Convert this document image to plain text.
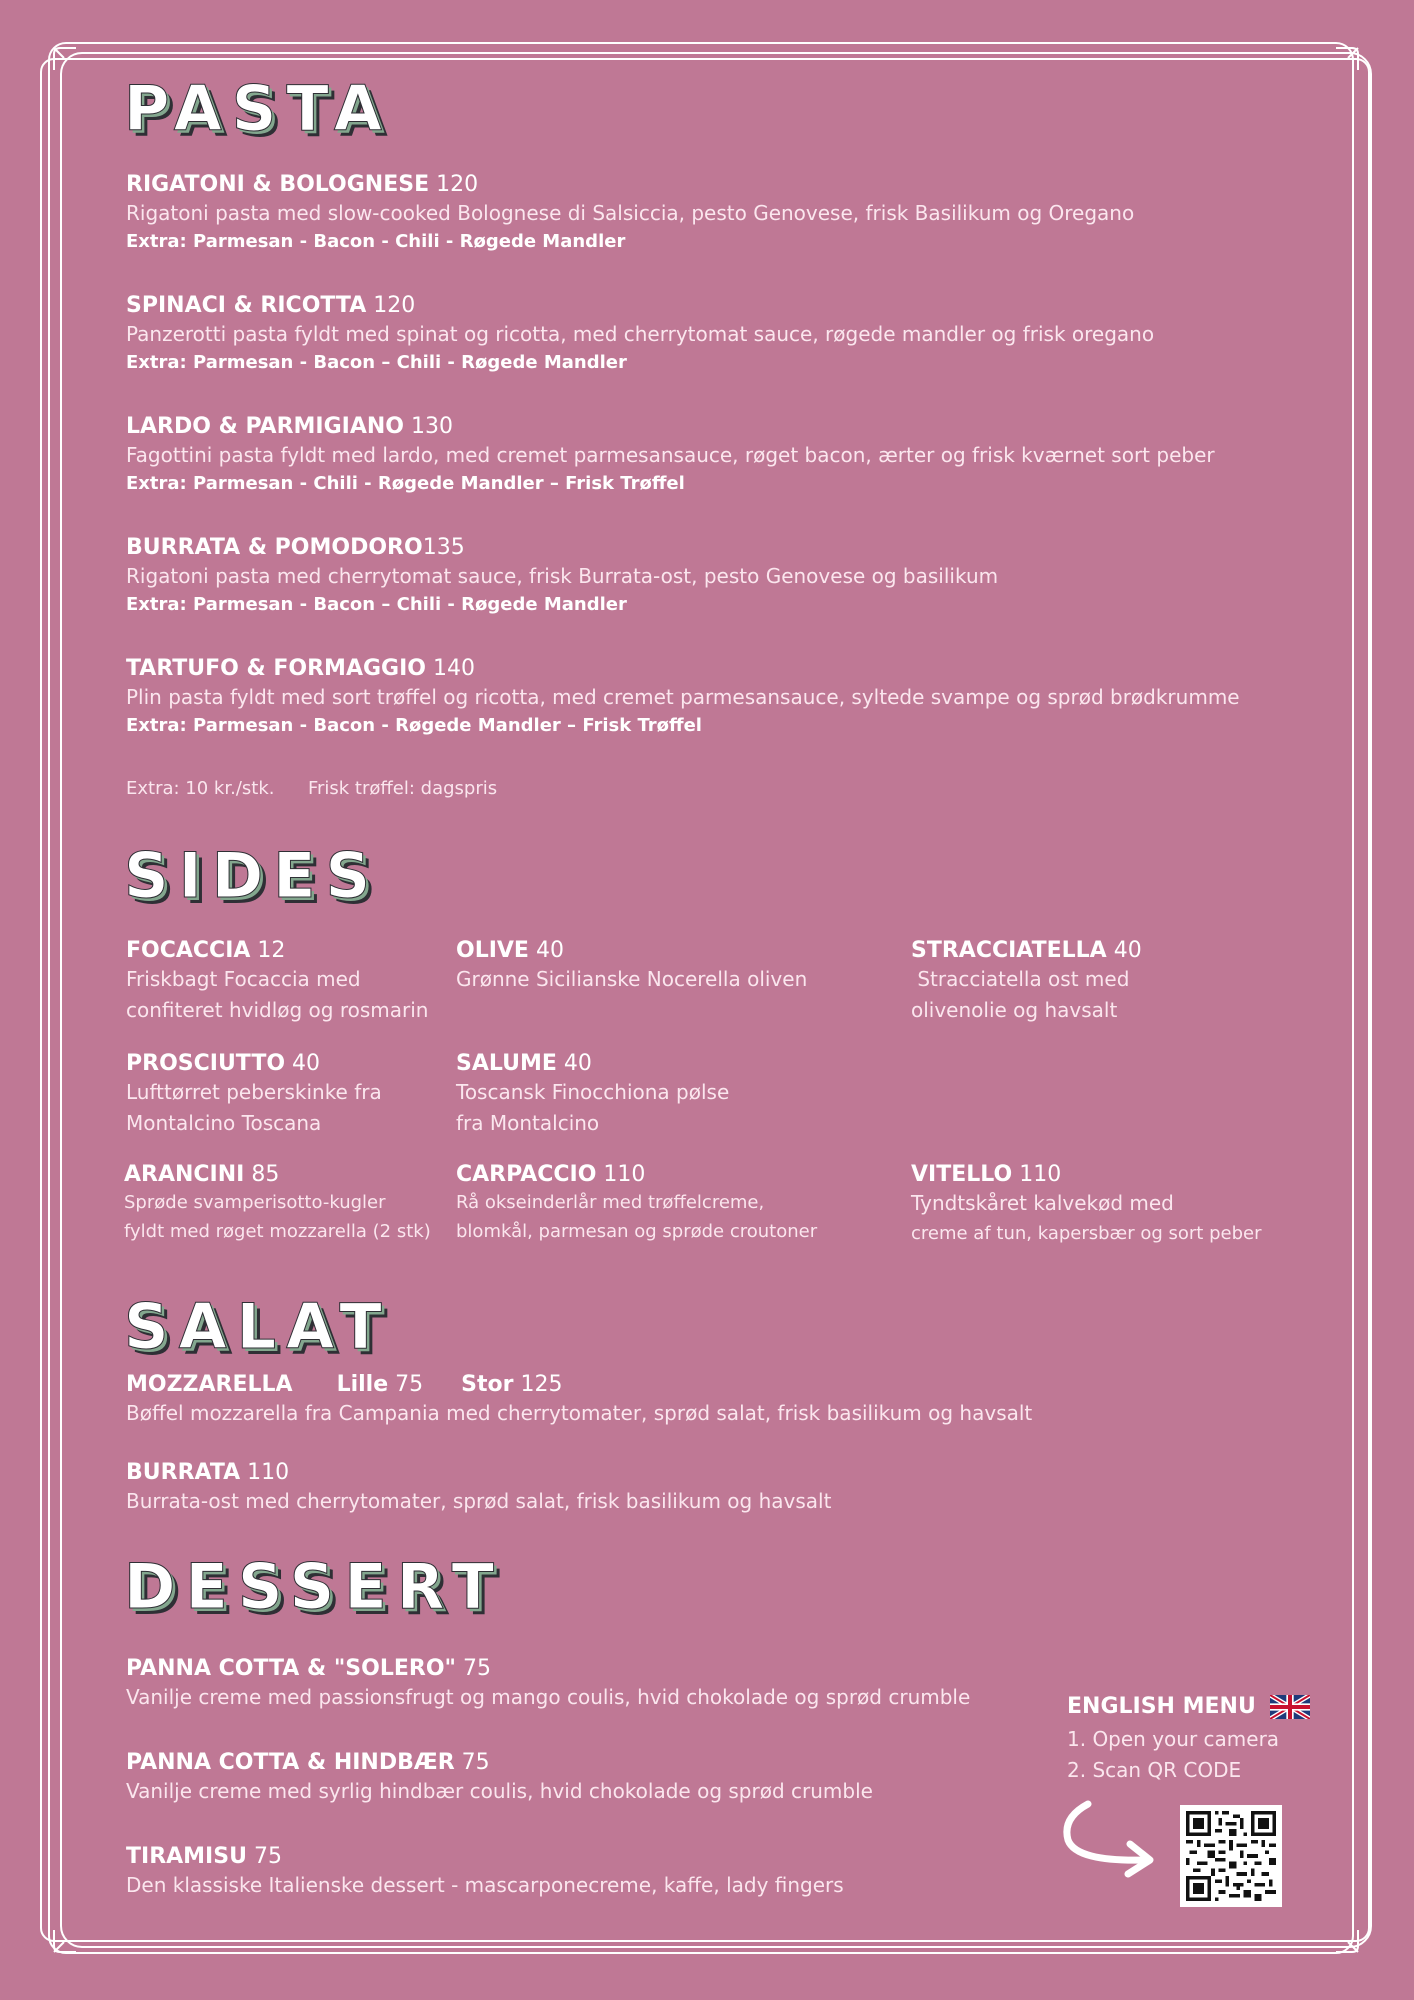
PASTA
RIGATONI & BOLOGNESE 120
Rigatoni pasta med slow-cooked Bolognese di Salsiccia, pesto Genovese, frisk Basilikum og Oregano
Extra: Parmesan - Bacon - Chili - Røgede Mandler
SPINACI & RICOTTA 120
Panzerotti pasta fyldt med spinat og ricotta, med cherrytomat sauce, røgede mandler og frisk oregano
Extra: Parmesan - Bacon – Chili - Røgede Mandler
LARDO & PARMIGIANO 130
Fagottini pasta fyldt med lardo, med cremet parmesansauce, røget bacon, ærter og frisk kværnet sort peber
Extra: Parmesan - Chili - Røgede Mandler – Frisk Trøffel
BURRATA & POMODORO135
Rigatoni pasta med cherrytomat sauce, frisk Burrata-ost, pesto Genovese og basilikum
Extra: Parmesan - Bacon – Chili - Røgede Mandler
TARTUFO & FORMAGGIO 140
Plin pasta fyldt med sort trøffel og ricotta, med cremet parmesansauce, syltede svampe og sprød brødkrumme
Extra: Parmesan - Bacon - Røgede Mandler – Frisk Trøffel
Extra: 10 kr./stk. Frisk trøffel: dagspris
SIDES
FOCACCIA 12
Friskbagt Focaccia med
confiteret hvidløg og rosmarin
OLIVE 40
Grønne Sicilianske Nocerella oliven
STRACCIATELLA 40
Stracciatella ost med
olivenolie og havsalt
PROSCIUTTO 40
Lufttørret peberskinke fra
Montalcino Toscana
SALUME 40
Toscansk Finocchiona pølse
fra Montalcino
ARANCINI 85
Sprøde svamperisotto-kugler
fyldt med røget mozzarella (2 stk)
CARPACCIO 110
Rå okseinderlår med trøffelcreme,
blomkål, parmesan og sprøde croutoner
VITELLO 110
Tyndtskåret kalvekød med
creme af tun, kapersbær og sort peber
SALAT
MOZZARELLA Lille 75 Stor 125
Bøffel mozzarella fra Campania med cherrytomater, sprød salat, frisk basilikum og havsalt
BURRATA 110
Burrata-ost med cherrytomater, sprød salat, frisk basilikum og havsalt
DESSERT
PANNA COTTA & "SOLERO" 75
Vanilje creme med passionsfrugt og mango coulis, hvid chokolade og sprød crumble
PANNA COTTA & HINDBÆR 75
Vanilje creme med syrlig hindbær coulis, hvid chokolade og sprød crumble
TIRAMISU 75
Den klassiske Italienske dessert - mascarponecreme, kaffe, lady fingers
ENGLISH MENU
1. Open your camera
2. Scan QR CODE
